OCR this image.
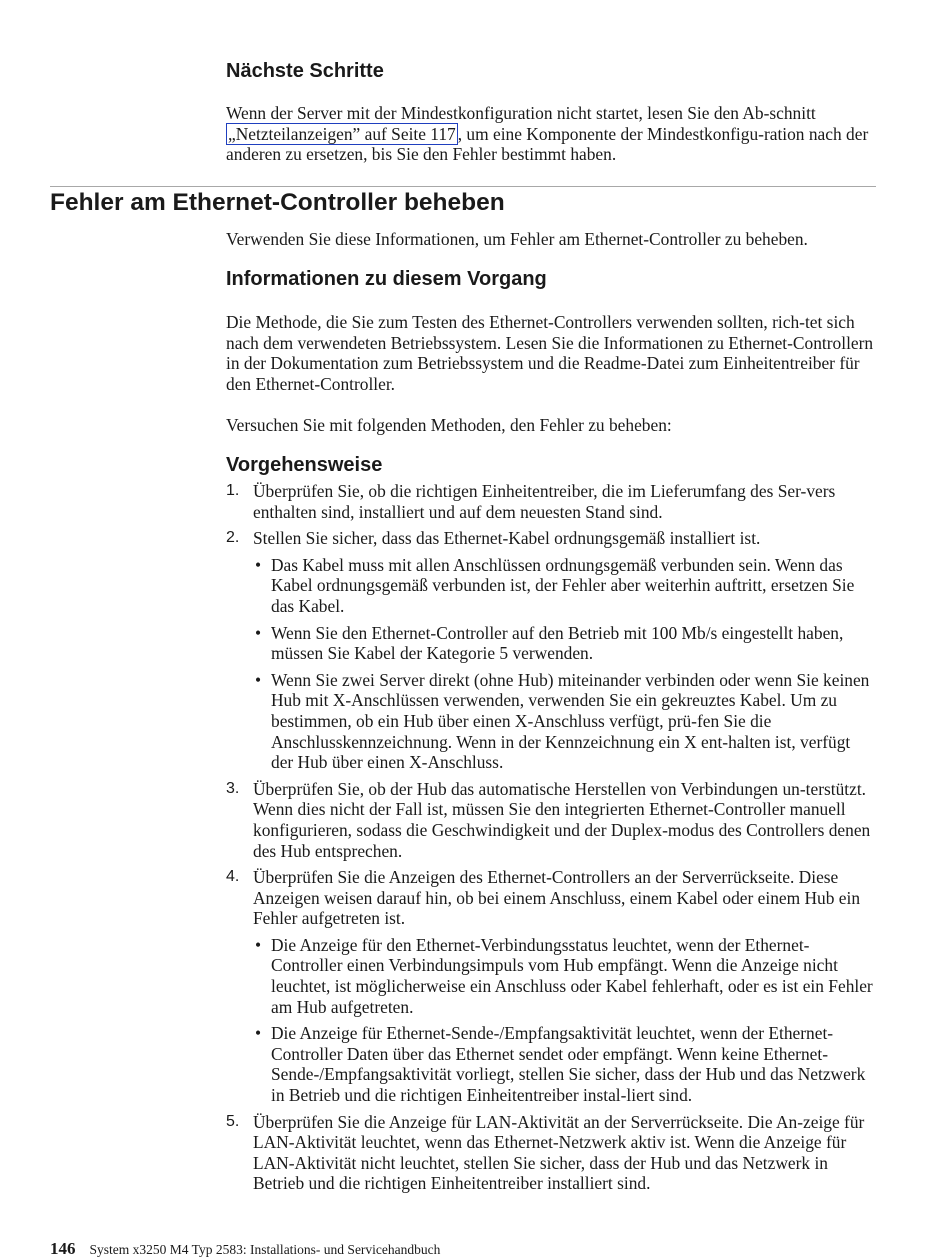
Nächste Schritte

Wenn der Server mit der Mindestkonfiguration nicht startet, lesen Sie den Ab-schnitt „Netzteilanzeigen” auf Seite 117 , um eine Komponente der Mindestkonfigu-ration nach der anderen zu ersetzen, bis Sie den Fehler bestimmt haben.

Fehler am Ethernet-Controller beheben

Verwenden Sie diese Informationen, um Fehler am Ethernet-Controller zu beheben.

Informationen zu diesem Vorgang

Die Methode, die Sie zum Testen des Ethernet-Controllers verwenden sollten, rich-tet sich nach dem verwendeten Betriebssystem. Lesen Sie die Informationen zu Ethernet-Controllern in der Dokumentation zum Betriebssystem und die Readme-Datei zum Einheitentreiber für den Ethernet-Controller.

Versuchen Sie mit folgenden Methoden, den Fehler zu beheben:

Vorgehensweise
1. Überprüfen Sie, ob die richtigen Einheitentreiber, die im Lieferumfang des Ser-vers enthalten sind, installiert und auf dem neuesten Stand sind.

2. Stellen Sie sicher, dass das Ethernet-Kabel ordnungsgemäß installiert ist.

• Das Kabel muss mit allen Anschlüssen ordnungsgemäß verbunden sein. Wenn das Kabel ordnungsgemäß verbunden ist, der Fehler aber weiterhin auftritt, ersetzen Sie das Kabel.

• Wenn Sie den Ethernet-Controller auf den Betrieb mit 100 Mb/s eingestellt haben, müssen Sie Kabel der Kategorie 5 verwenden.

• Wenn Sie zwei Server direkt (ohne Hub) miteinander verbinden oder wenn Sie keinen Hub mit X-Anschlüssen verwenden, verwenden Sie ein gekreuztes Kabel. Um zu bestimmen, ob ein Hub über einen X-Anschluss verfügt, prü-fen Sie die Anschlusskennzeichnung. Wenn in der Kennzeichnung ein X ent-halten ist, verfügt der Hub über einen X-Anschluss.

3. Überprüfen Sie, ob der Hub das automatische Herstellen von Verbindungen un-terstützt. Wenn dies nicht der Fall ist, müssen Sie den integrierten Ethernet-Controller manuell konfigurieren, sodass die Geschwindigkeit und der Duplex-modus des Controllers denen des Hub entsprechen.

4. Überprüfen Sie die Anzeigen des Ethernet-Controllers an der Serverrückseite. Diese Anzeigen weisen darauf hin, ob bei einem Anschluss, einem Kabel oder einem Hub ein Fehler aufgetreten ist.

• Die Anzeige für den Ethernet-Verbindungsstatus leuchtet, wenn der Ethernet-Controller einen Verbindungsimpuls vom Hub empfängt. Wenn die Anzeige nicht leuchtet, ist möglicherweise ein Anschluss oder Kabel fehlerhaft, oder es ist ein Fehler am Hub aufgetreten.

• Die Anzeige für Ethernet-Sende-/Empfangsaktivität leuchtet, wenn der Ethernet-Controller Daten über das Ethernet sendet oder empfängt. Wenn keine Ethernet-Sende-/Empfangsaktivität vorliegt, stellen Sie sicher, dass der Hub und das Netzwerk in Betrieb und die richtigen Einheitentreiber instal-liert sind.

5. Überprüfen Sie die Anzeige für LAN-Aktivität an der Serverrückseite. Die An-zeige für LAN-Aktivität leuchtet, wenn das Ethernet-Netzwerk aktiv ist. Wenn die Anzeige für LAN-Aktivität nicht leuchtet, stellen Sie sicher, dass der Hub und das Netzwerk in Betrieb und die richtigen Einheitentreiber installiert sind.

146 System x3250 M4 Typ 2583: Installations- und Servicehandbuch
